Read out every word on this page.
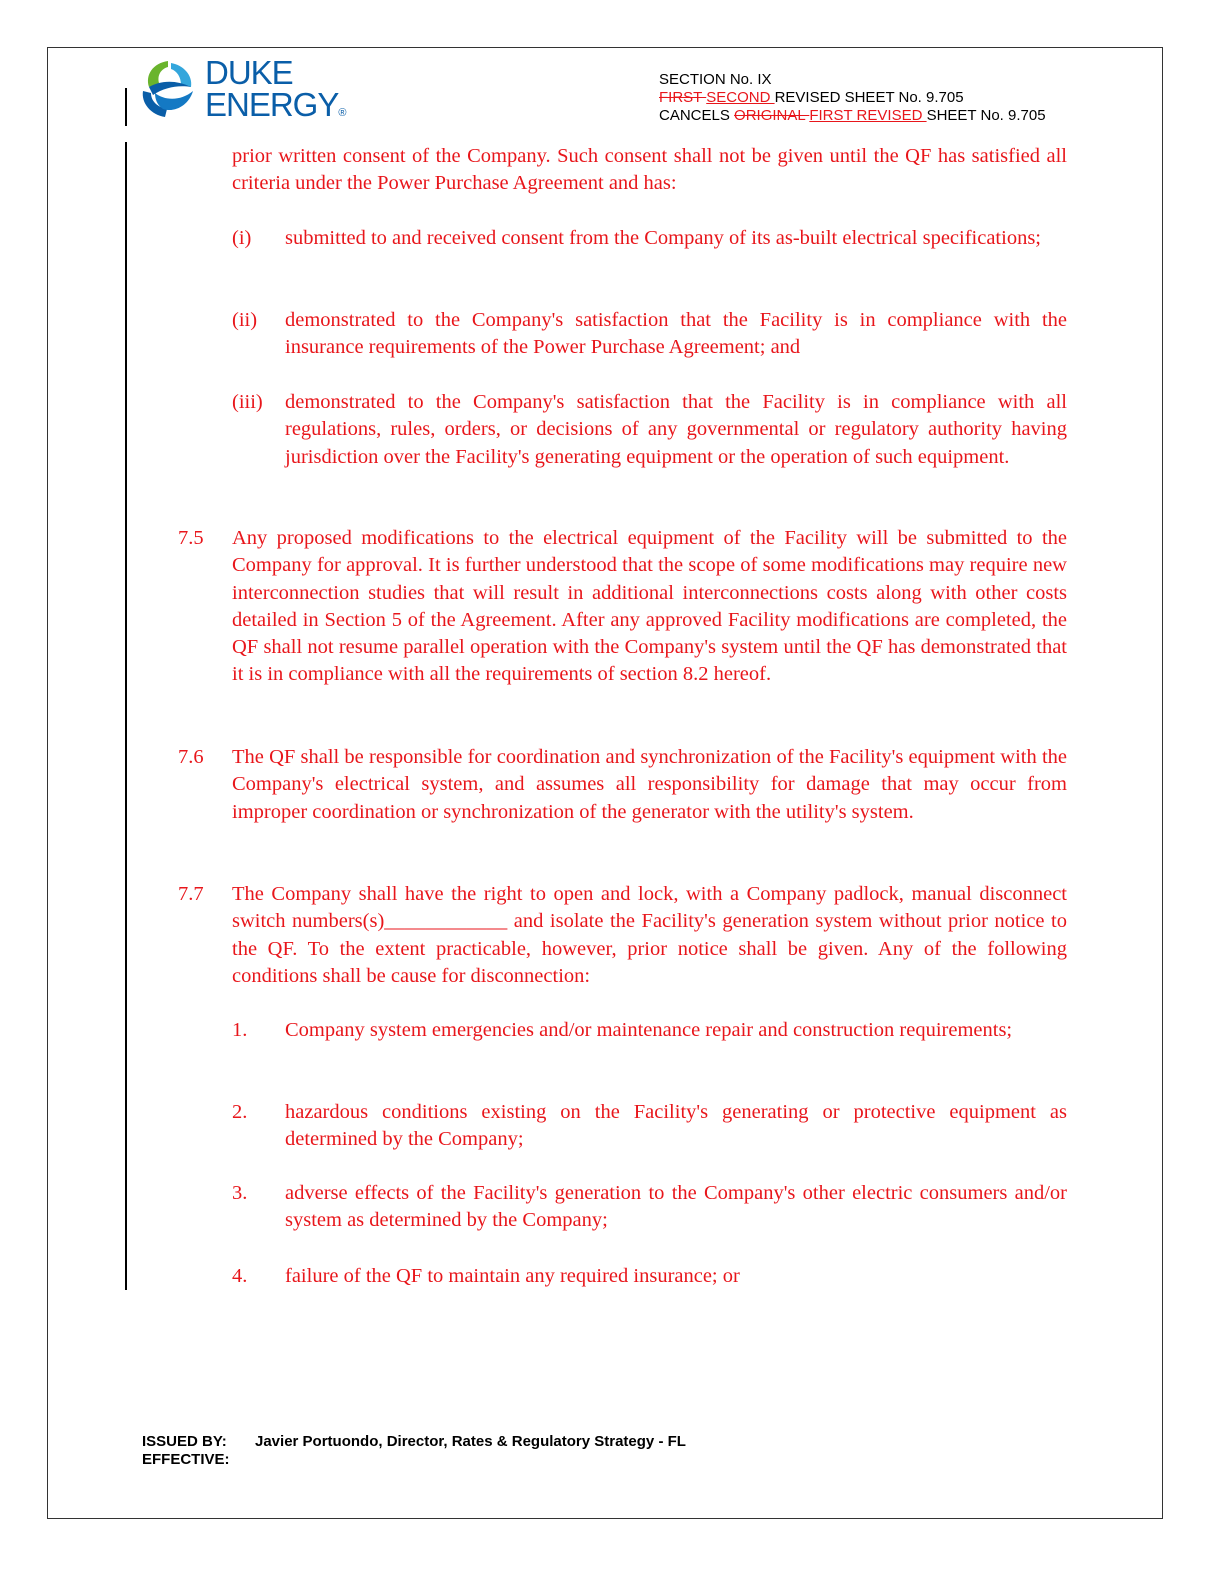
DUKE
ENERGY®
SECTION No. IX
FIRST SECOND REVISED SHEET No. 9.705
CANCELS ORIGINAL FIRST REVISED SHEET No. 9.705
prior written consent of the Company. Such consent shall not be given until the QF has satisfied all criteria under the Power Purchase Agreement and has:
(i)	submitted to and received consent from the Company of its as-built electrical specifications;
(ii)	demonstrated to the Company's satisfaction that the Facility is in compliance with the insurance requirements of the Power Purchase Agreement; and
(iii)	demonstrated to the Company's satisfaction that the Facility is in compliance with all regulations, rules, orders, or decisions of any governmental or regulatory authority having jurisdiction over the Facility's generating equipment or the operation of such equipment.
7.5	Any proposed modifications to the electrical equipment of the Facility will be submitted to the Company for approval. It is further understood that the scope of some modifications may require new interconnection studies that will result in additional interconnections costs along with other costs detailed in Section 5 of the Agreement. After any approved Facility modifications are completed, the QF shall not resume parallel operation with the Company's system until the QF has demonstrated that it is in compliance with all the requirements of section 8.2 hereof.
7.6	The QF shall be responsible for coordination and synchronization of the Facility's equipment with the Company's electrical system, and assumes all responsibility for damage that may occur from improper coordination or synchronization of the generator with the utility's system.
7.7	The Company shall have the right to open and lock, with a Company padlock, manual disconnect switch numbers(s)____________ and isolate the Facility's generation system without prior notice to the QF. To the extent practicable, however, prior notice shall be given. Any of the following conditions shall be cause for disconnection:
1.	Company system emergencies and/or maintenance repair and construction requirements;
2.	hazardous conditions existing on the Facility's generating or protective equipment as determined by the Company;
3.	adverse effects of the Facility's generation to the Company's other electric consumers and/or system as determined by the Company;
4.	failure of the QF to maintain any required insurance; or
ISSUED BY: Javier Portuondo, Director, Rates & Regulatory Strategy - FL
EFFECTIVE:
